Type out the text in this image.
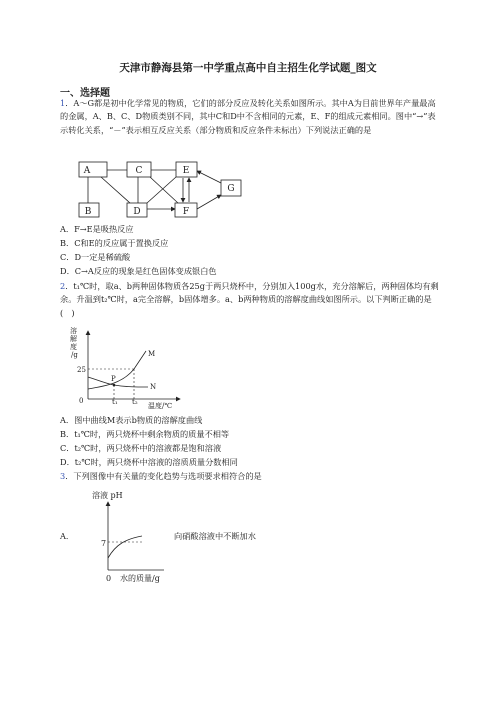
天津市静海县第一中学重点高中自主招生化学试题_图文
一、选择题
1．A～G都是初中化学常见的物质，它们的部分反应及转化关系如图所示。其中A为目前世界年产量最高的金属，A、B、C、D物质类别不同，其中C和D中不含相同的元素，E、F的组成元素相同。图中“→”表示转化关系，“－”表示相互反应关系（部分物质和反应条件未标出）下列说法正确的是
A	C	E
G
B	D	F
A．F→E是吸热反应
B．C和E的反应属于置换反应
C．D一定是稀硫酸
D．C→A反应的现象是红色固体变成银白色
2．t₁℃时，取a、b两种固体物质各25g于两只烧杯中，分别加入100g水，充分溶解后，两种固体均有剩余。升温到t₂℃时，a完全溶解，b固体增多。a、b两种物质的溶解度曲线如图所示。以下判断正确的是(　)
溶
解
度
/g
25
0	t₁ t₂ 温度/℃
M
N
P
A．图中曲线M表示b物质的溶解度曲线
B．t₁℃时，两只烧杯中剩余物质的质量不相等
C．t₂℃时，两只烧杯中的溶液都是饱和溶液
D．t₂℃时，两只烧杯中溶液的溶质质量分数相同
3．下列图像中有关量的变化趋势与选项要求相符合的是
A．	向硝酸溶液中不断加水
溶液 pH
7
0 水的质量/g
